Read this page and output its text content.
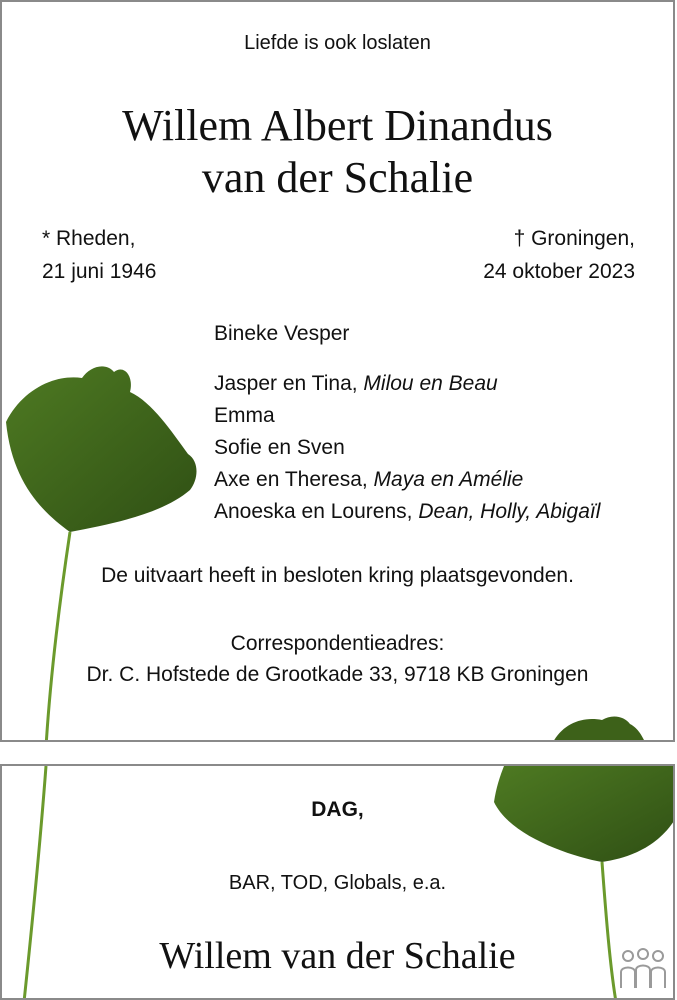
Liefde is ook loslaten
Willem Albert Dinandus
van der Schalie
* Rheden,
21 juni 1946
† Groningen,
24 oktober 2023
Bineke Vesper
Jasper en Tina, Milou en Beau
Emma
Sofie en Sven
Axe en Theresa, Maya en Amélie
Anoeska en Lourens, Dean, Holly, Abigaïl
De uitvaart heeft in besloten kring plaatsgevonden.
Correspondentieadres:
Dr. C. Hofstede de Grootkade 33, 9718 KB Groningen
DAG,
BAR, TOD, Globals, e.a.
Willem van der Schalie
